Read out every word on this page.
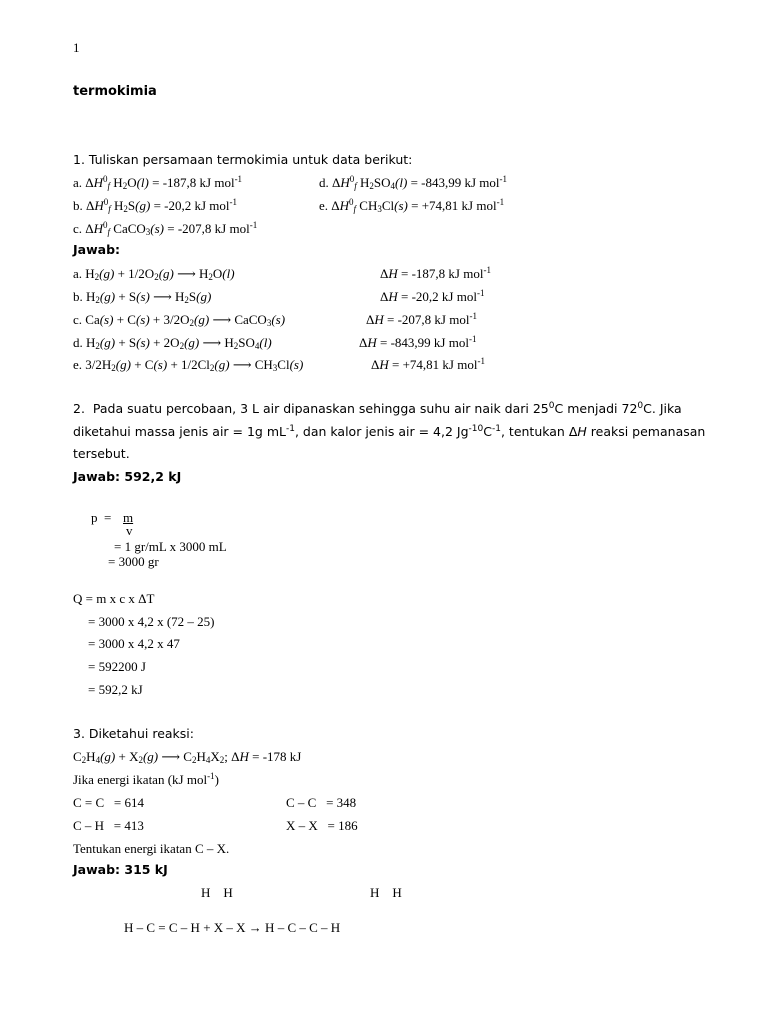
1
termokimia
1. Tuliskan persamaan termokimia untuk data berikut:
a. $\Delta H^0_f$ $H_2O(l) = -187,8$ kJ mol$^{-1}$	d. $\Delta H^0_f$ $H_2SO_4(l) = -843,99$ kJ mol$^{-1}$
b. $\Delta H^0_f$ $H_2S(g) = -20,2$ kJ mol$^{-1}$	e. $\Delta H^0_f$ $CH_3Cl(s) = +74,81$ kJ mol$^{-1}$
c. $\Delta H^0_f$ CaCO$_3$(s) = -207,8 kJ mol$^{-1}$
Jawab:
a. $H_2(g) + 1/2O_2(g)$ ⟶ $H_2O(l)$	ΔH = -187,8 kJ mol$^{-1}$
b. $H_2(g) + S(s)$ ⟶ $H_2S(g)$	ΔH = -20,2 kJ mol$^{-1}$
c. $Ca(s) + C(s) + 3/2O_2(g)$ ⟶ CaCO$_3$(s)	ΔH = -207,8 kJ mol$^{-1}$
d. $H_2(g) + S(s) + 2O_2(g)$ ⟶ $H_2SO_4(l)$	ΔH = -843,99 kJ mol$^{-1}$
e. $3/2H_2(g) + C(s) + 1/2Cl_2(g)$ ⟶ $CH_3Cl(s)$	ΔH = +74,81 kJ mol$^{-1}$
2.  Pada suatu percobaan, 3 L air dipanaskan sehingga suhu air naik dari $25^0C$ menjadi $72^0C$. Jika
diketahui massa jenis air = 1g $mL^{-1}$, dan kalor jenis air = 4,2 $Jg^{-10}C^{-1}$, tentukan ΔH reaksi pemanasan
tersebut.
Jawab: 592,2 kJ
p  = m
v
= 1 gr/mL x 3000 mL
= 3000 gr
Q = m x c x ΔT
= 3000 x 4,2 x (72 – 25)
= 3000 x 4,2 x 47
= 592200 J
= 592,2 kJ
3. Diketahui reaksi:
$C_2H_4(g) + X_2(g)$ ⟶ $C_2H_4X_2$; ΔH = -178 kJ
Jika energi ikatan (kJ mol$^{-1}$)
C = C   = 614	C – C   = 348
C – H   = 413	X – X   = 186
Tentukan energi ikatan C – X.
Jawab: 315 kJ
H    H	H    H
H – C = C – H + X – X → H – C – C – H
